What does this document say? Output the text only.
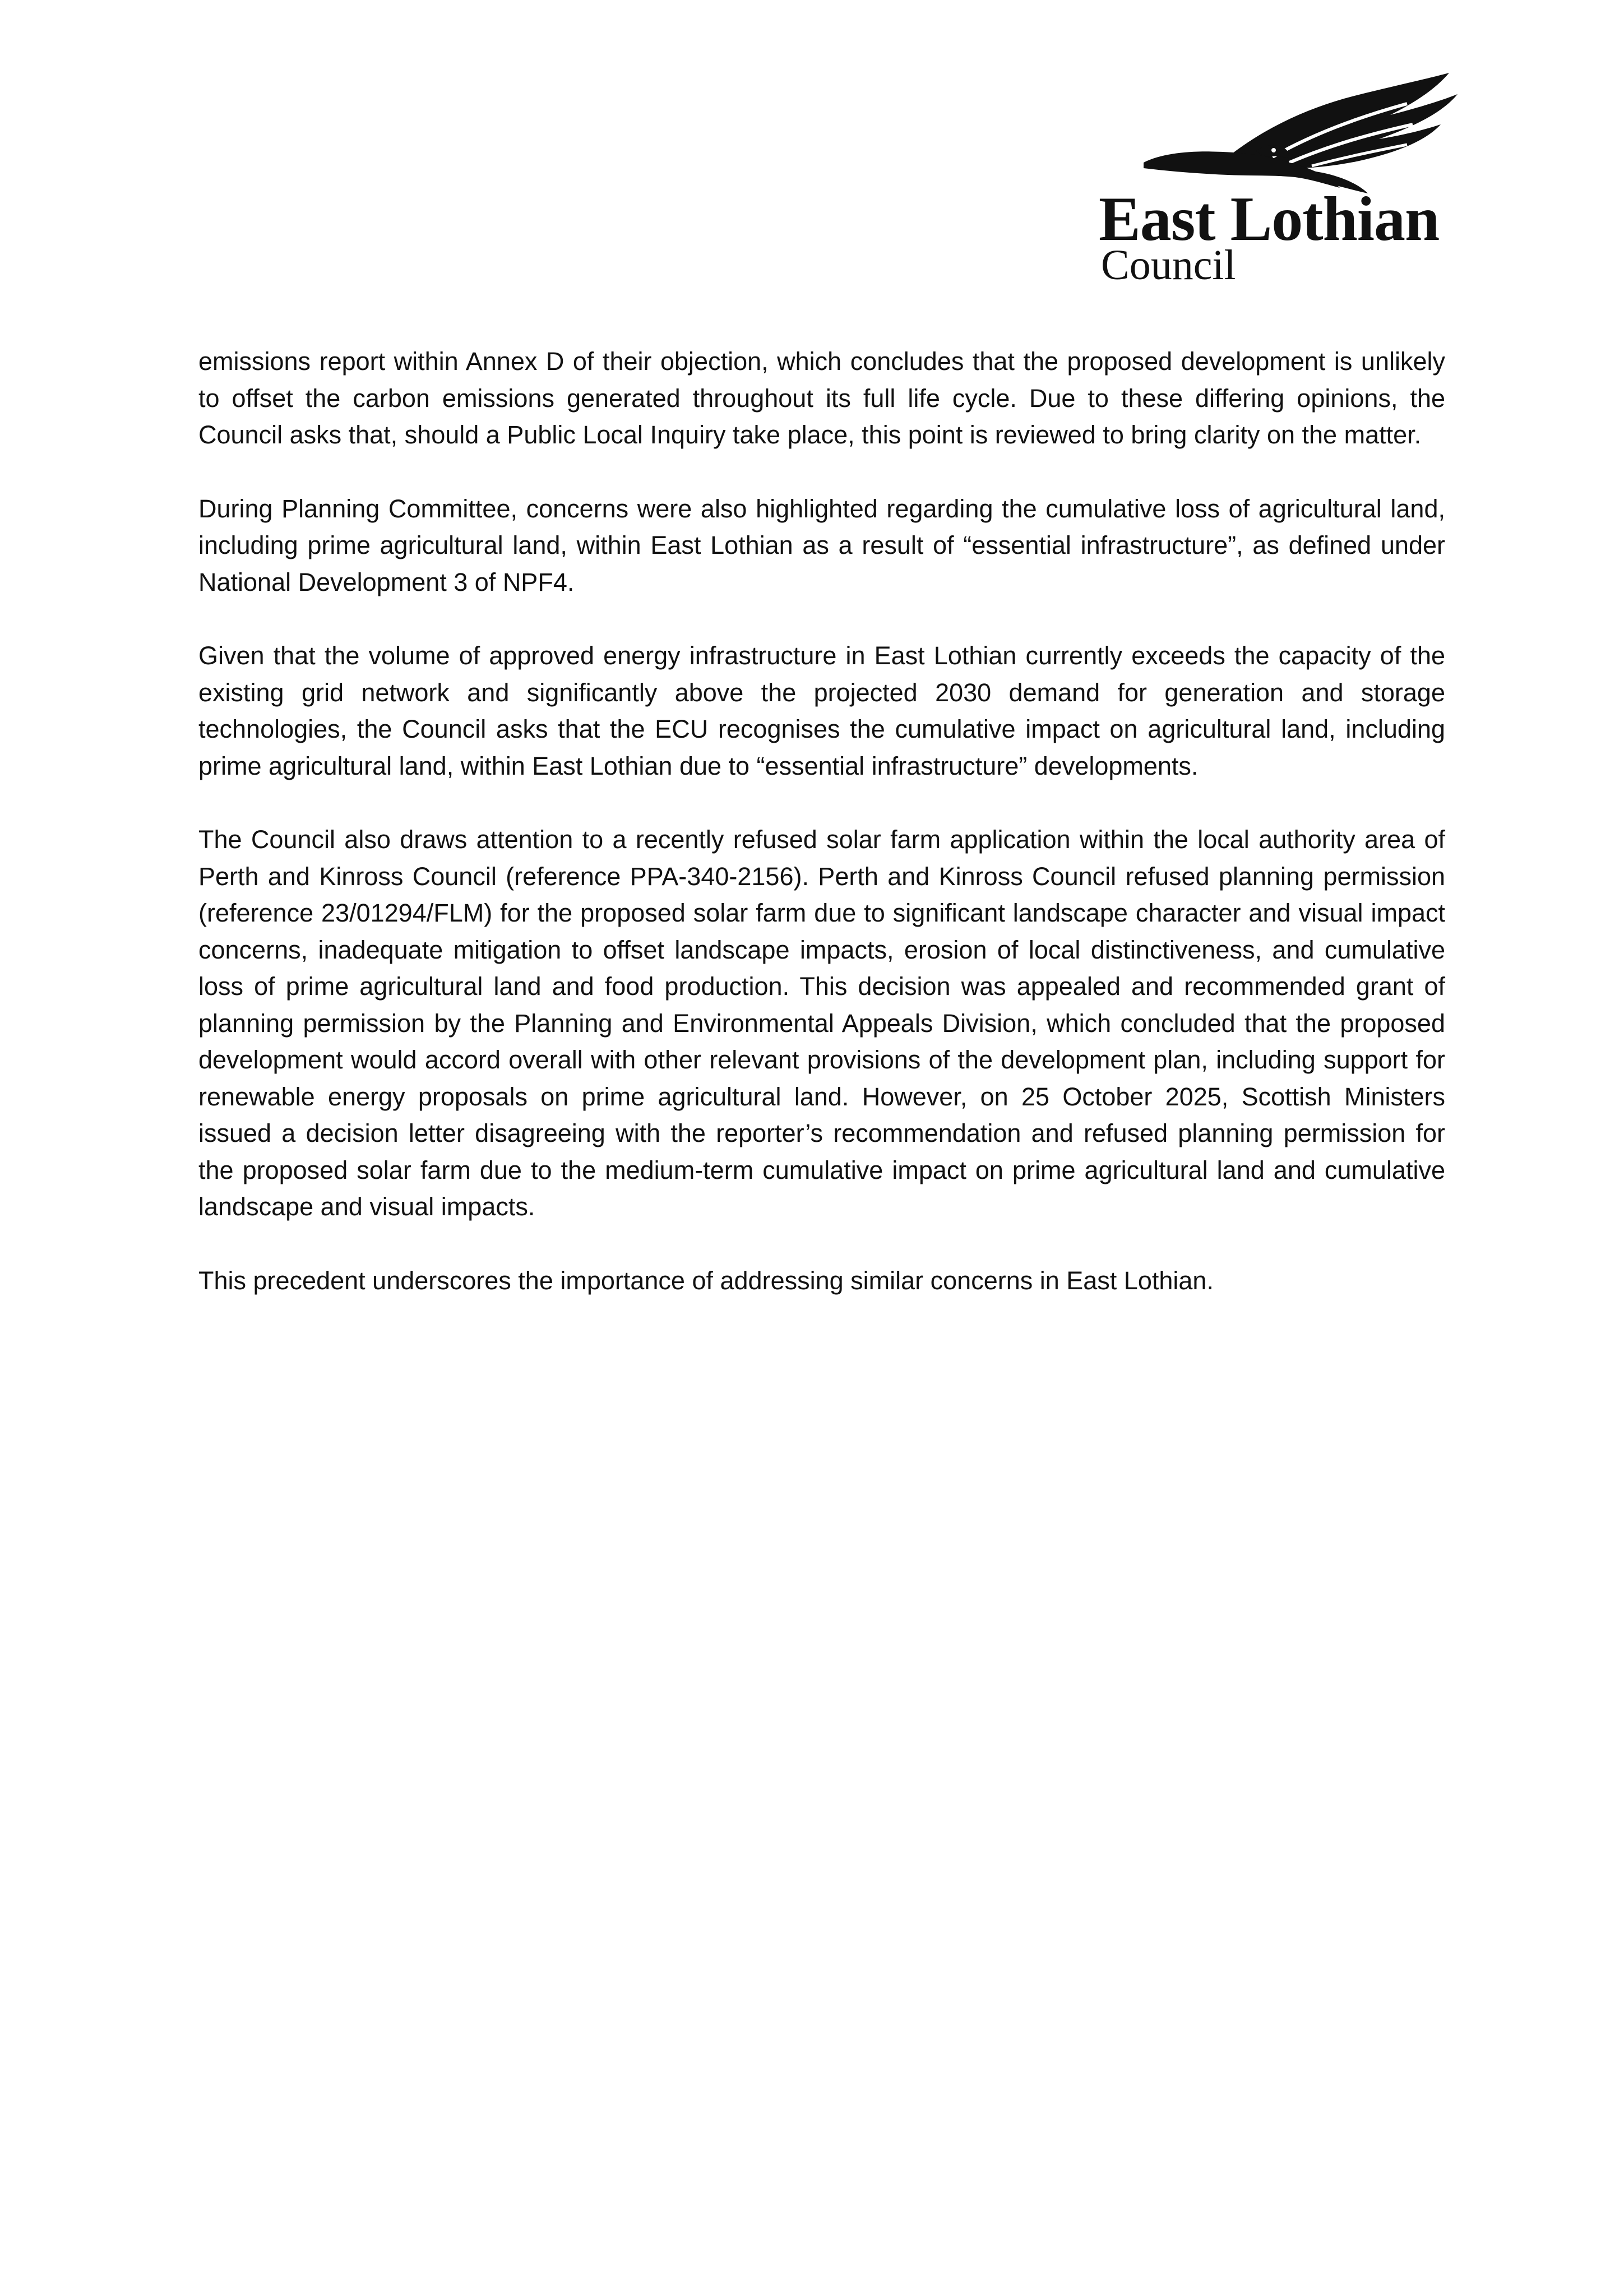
East Lothian
Council

emissions report within Annex D of their objection, which concludes that the proposed development is unlikely to offset the carbon emissions generated throughout its full life cycle. Due to these differing opinions, the Council asks that, should a Public Local Inquiry take place, this point is reviewed to bring clarity on the matter.

During Planning Committee, concerns were also highlighted regarding the cumulative loss of agricultural land, including prime agricultural land, within East Lothian as a result of “essential infrastructure”, as defined under National Development 3 of NPF4.

Given that the volume of approved energy infrastructure in East Lothian currently exceeds the capacity of the existing grid network and significantly above the projected 2030 demand for generation and storage technologies, the Council asks that the ECU recognises the cumulative impact on agricultural land, including prime agricultural land, within East Lothian due to “essential infrastructure” developments.

The Council also draws attention to a recently refused solar farm application within the local authority area of Perth and Kinross Council (reference PPA-340-2156). Perth and Kinross Council refused planning permission (reference 23/01294/FLM) for the proposed solar farm due to significant landscape character and visual impact concerns, inadequate mitigation to offset landscape impacts, erosion of local distinctiveness, and cumulative loss of prime agricultural land and food production. This decision was appealed and recommended grant of planning permission by the Planning and Environmental Appeals Division, which concluded that the proposed development would accord overall with other relevant provisions of the development plan, including support for renewable energy proposals on prime agricultural land. However, on 25 October 2025, Scottish Ministers issued a decision letter disagreeing with the reporter’s recommendation and refused planning permission for the proposed solar farm due to the medium-term cumulative impact on prime agricultural land and cumulative landscape and visual impacts.

This precedent underscores the importance of addressing similar concerns in East Lothian.
